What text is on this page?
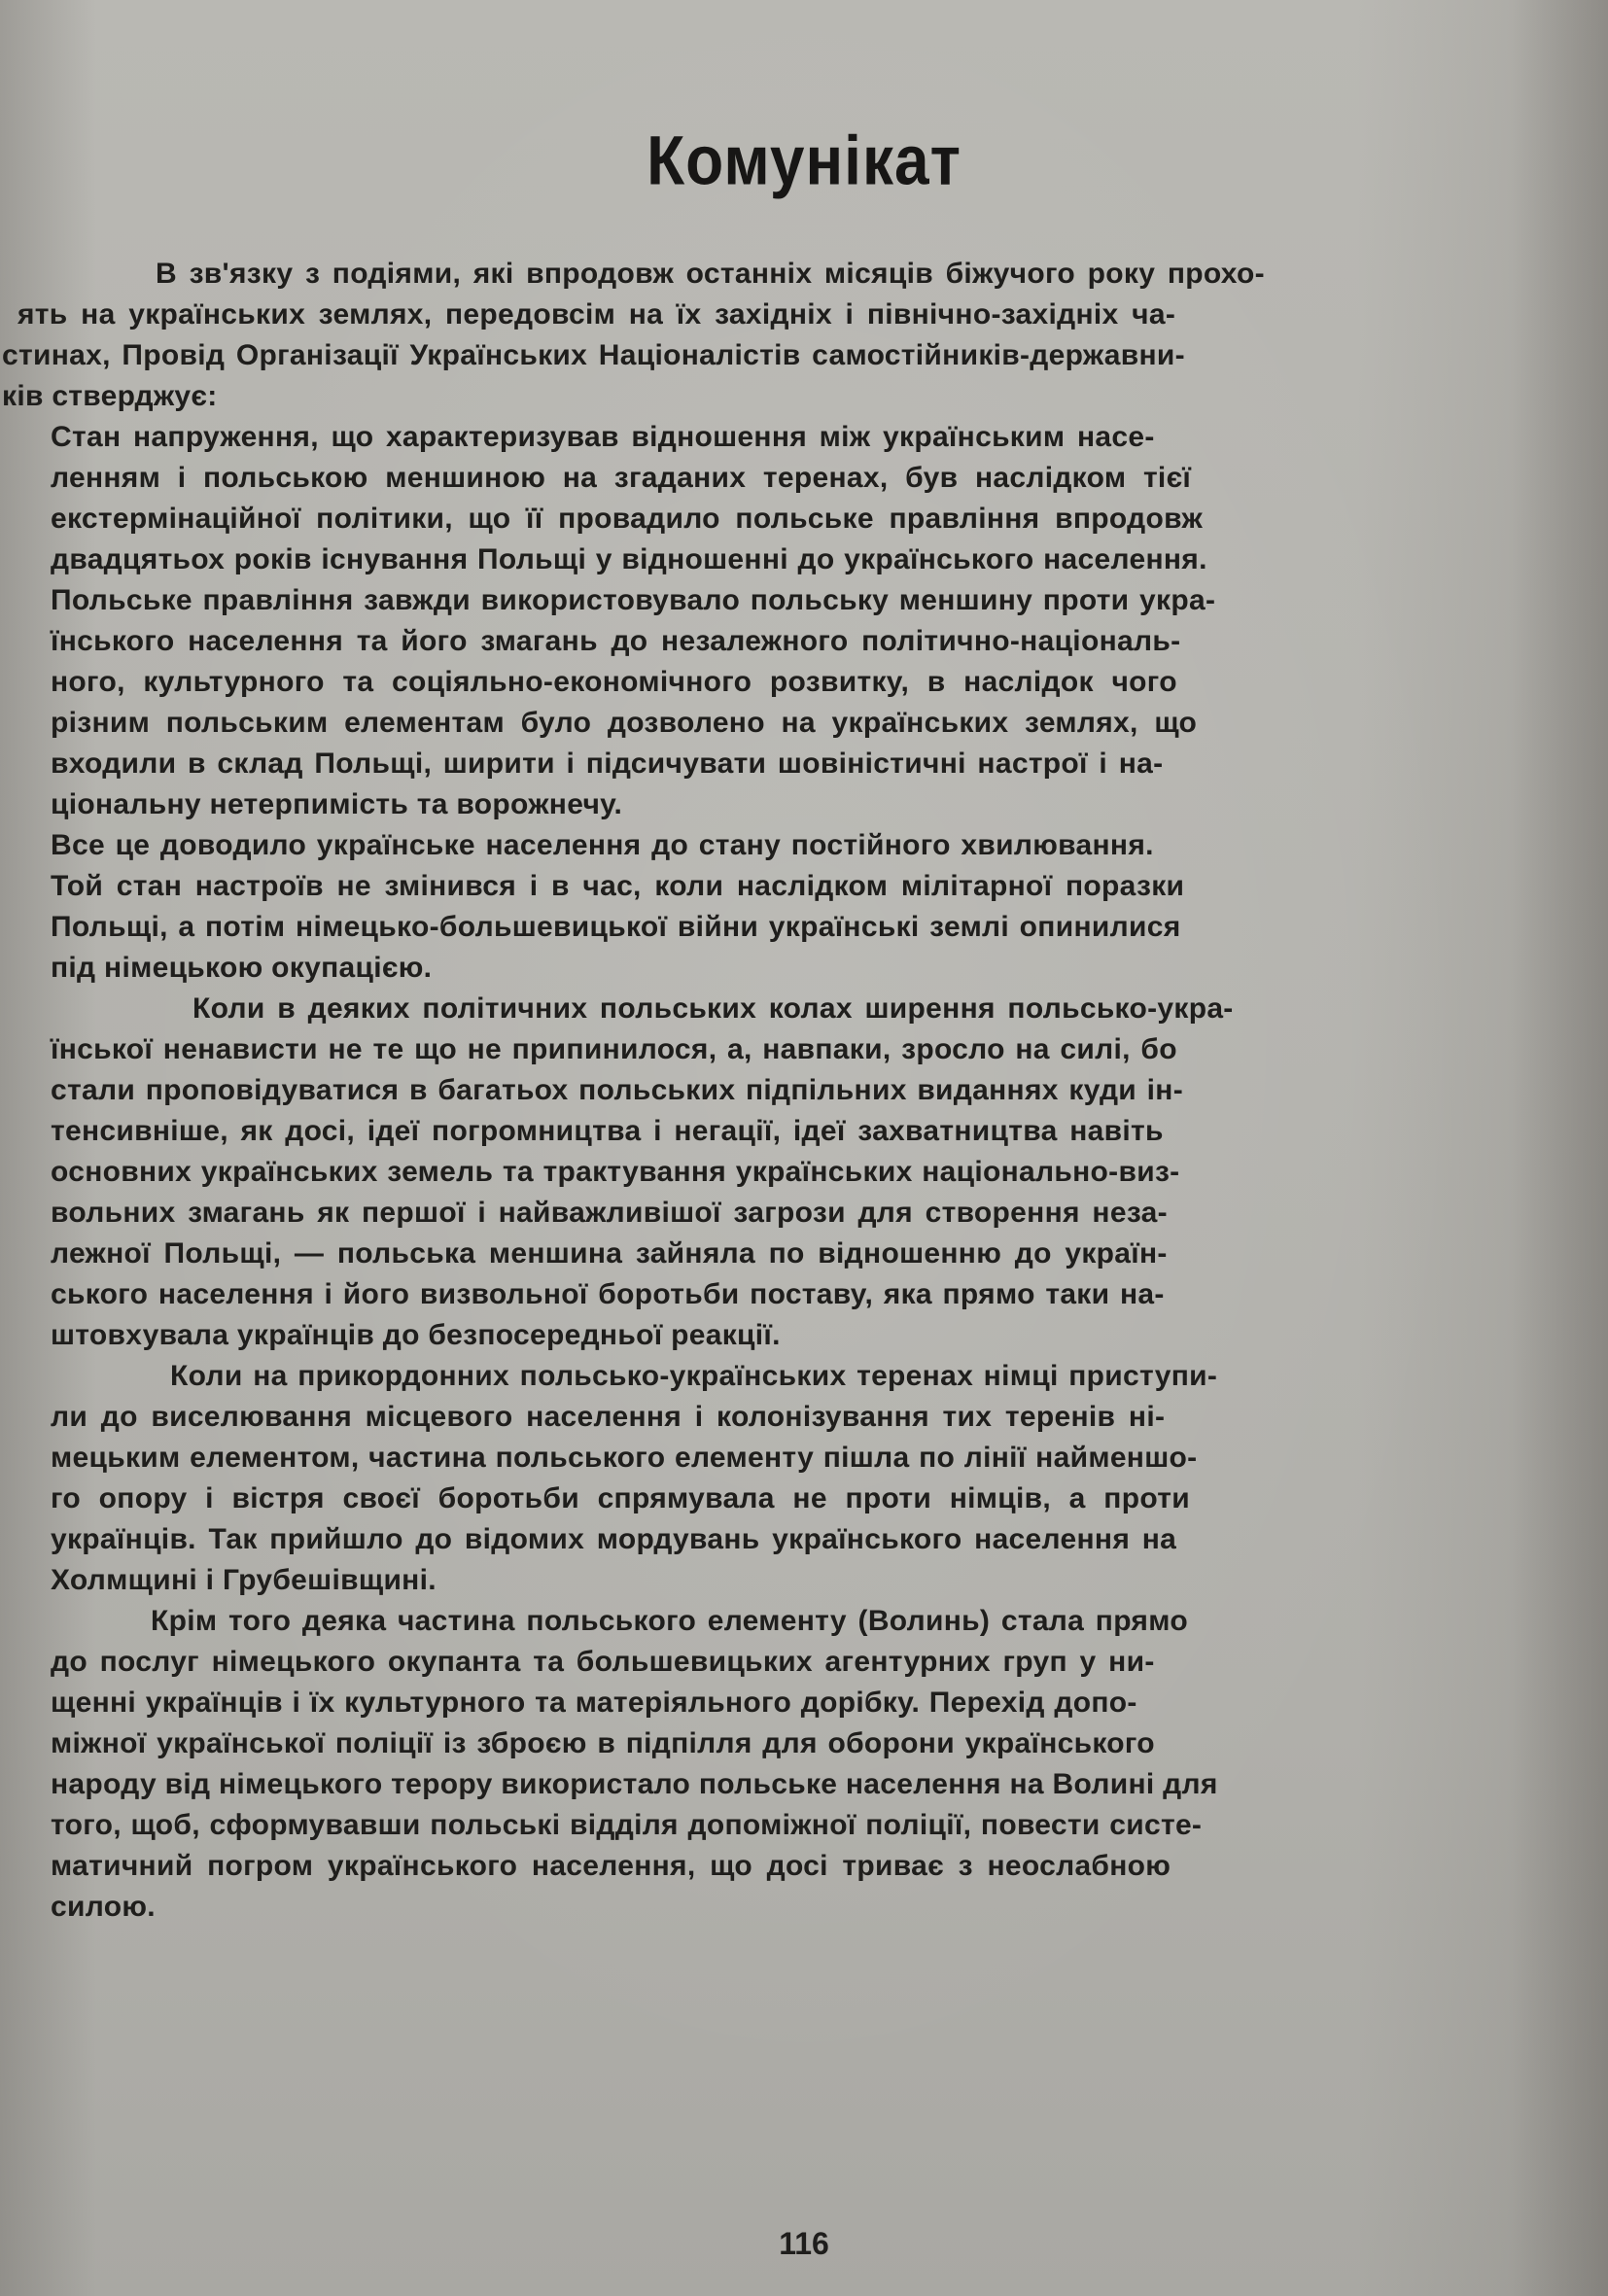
Комунікат
В зв'язку з подіями, які впродовж останніх місяців біжучого року прохо-
ять на українських землях, передовсім на їх західніх і північно-західніх ча-
стинах, Провід Організації Українських Націоналістів самостійників-державни-
ків стверджує:
Стан напруження, що характеризував відношення між українським насе-
ленням і польською меншиною на згаданих теренах, був наслідком тієї
екстермінаційної політики, що її провадило польське правління впродовж
двадцятьох років існування Польщі у відношенні до українського населення.
Польське правління завжди використовувало польську меншину проти укра-
їнського населення та його змагань до незалежного політично-національ-
ного, культурного та соціяльно-економічного розвитку, в наслідок чого
різним польським елементам було дозволено на українських землях, що
входили в склад Польщі, ширити і підсичувати шовіністичні настрої і на-
ціональну нетерпимість та ворожнечу.
Все це доводило українське населення до стану постійного хвилювання.
Той стан настроїв не змінився і в час, коли наслідком мілітарної поразки
Польщі, а потім німецько-большевицької війни українські землі опинилися
під німецькою окупацією.
Коли в деяких політичних польських колах ширення польсько-укра-
їнської ненависти не те що не припинилося, а, навпаки, зросло на силі, бо
стали проповідуватися в багатьох польських підпільних виданнях куди ін-
тенсивніше, як досі, ідеї погромництва і негації, ідеї захватництва навіть
основних українських земель та трактування українських національно-виз-
вольних змагань як першої і найважливішої загрози для створення неза-
лежної Польщі, — польська меншина зайняла по відношенню до україн-
ського населення і його визвольної боротьби поставу, яка прямо таки на-
штовхувала українців до безпосередньої реакції.
Коли на прикордонних польсько-українських теренах німці приступи-
ли до виселювання місцевого населення і колонізування тих теренів ні-
мецьким елементом, частина польського елементу пішла по лінії найменшо-
го опору і вістря своєї боротьби спрямувала не проти німців, а проти
українців. Так прийшло до відомих мордувань українського населення на
Холмщині і Грубешівщині.
Крім того деяка частина польського елементу (Волинь) стала прямо
до послуг німецького окупанта та большевицьких агентурних груп у ни-
щенні українців і їх культурного та матеріяльного дорібку. Перехід допо-
міжної української поліції із зброєю в підпілля для оборони українського
народу від німецького терору використало польське населення на Волині для
того, щоб, сформувавши польські відділя допоміжної поліції, повести систе-
матичний погром українського населення, що досі триває з неослабною
силою.
116
